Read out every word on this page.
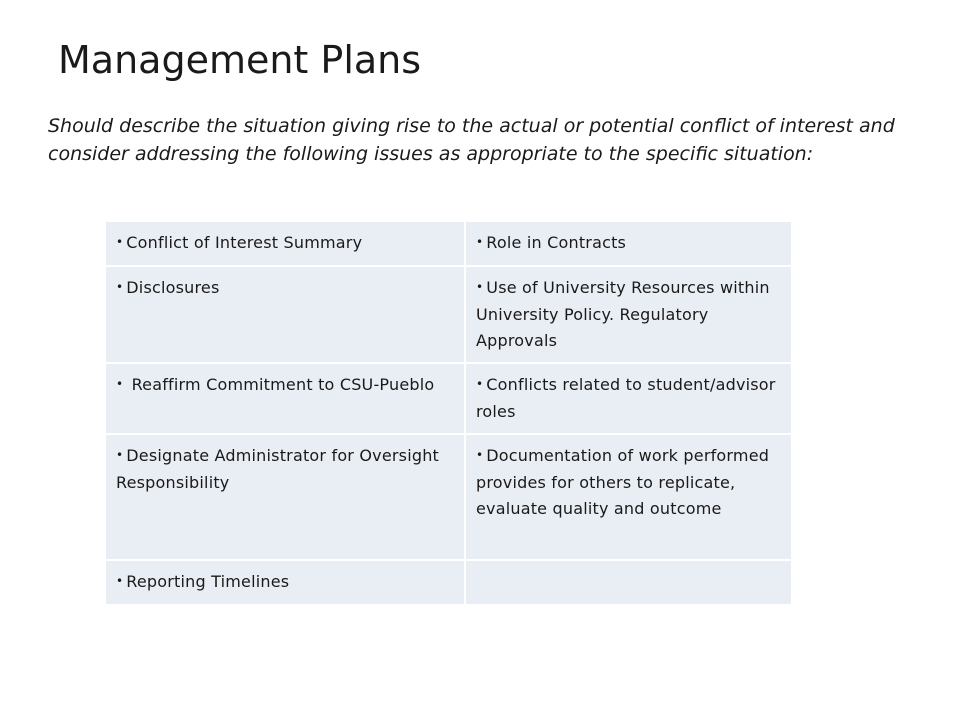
Management Plans

Should describe the situation giving rise to the actual or potential conflict of interest and consider addressing the following issues as appropriate to the specific situation:

• Conflict of Interest Summary	• Role in Contracts
• Disclosures	• Use of University Resources within University Policy. Regulatory Approvals
• Reaffirm Commitment to CSU-Pueblo	• Conflicts related to student/advisor roles
• Designate Administrator for Oversight Responsibility	• Documentation of work performed provides for others to replicate, evaluate quality and outcome
• Reporting Timelines	
